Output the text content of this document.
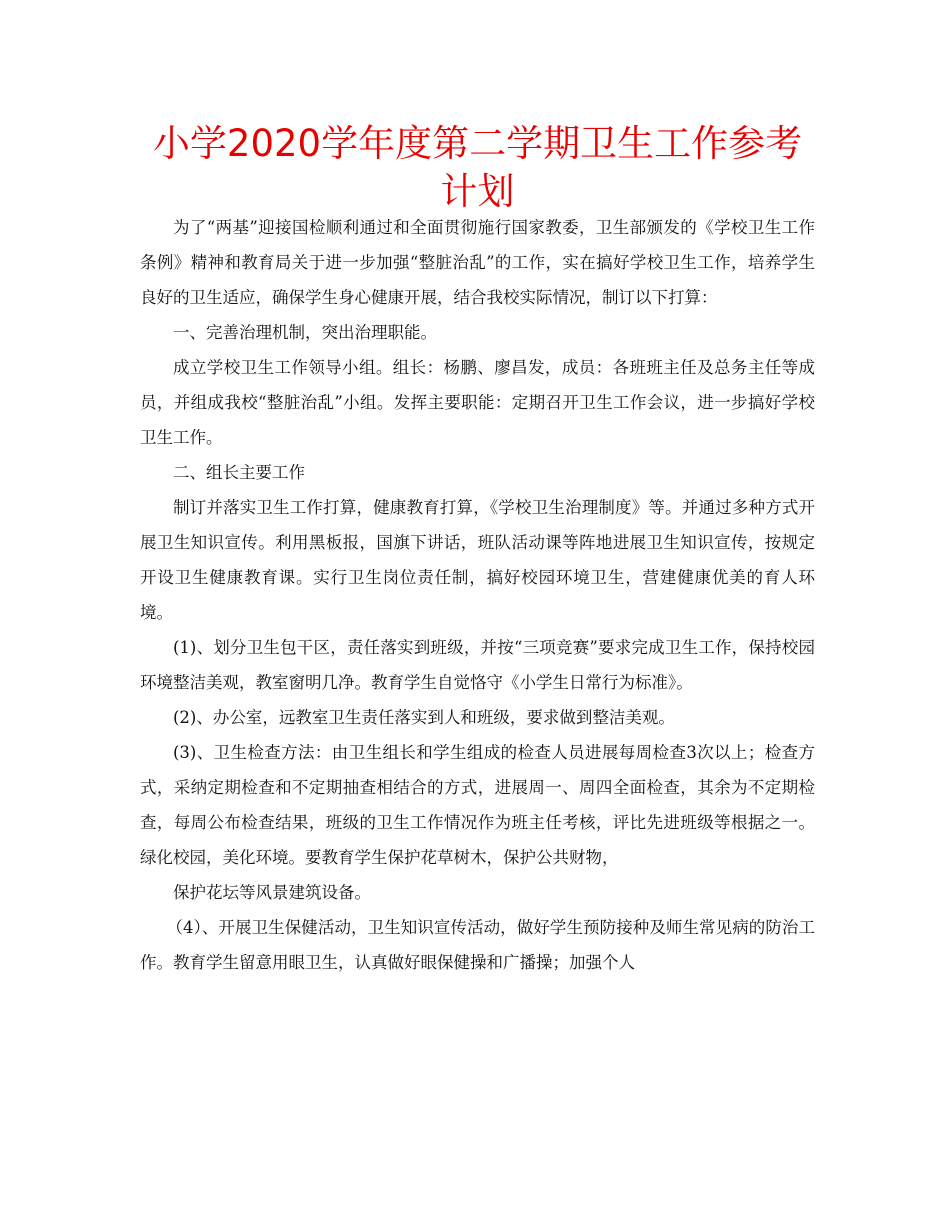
小学2020学年度第二学期卫生工作参考计划

为了“两基”迎接国检顺利通过和全面贯彻施行国家教委，卫生部颁发的《学校卫生工作条例》精神和教育局关于进一步加强“整脏治乱”的工作，实在搞好学校卫生工作，培养学生良好的卫生适应，确保学生身心健康开展，结合我校实际情况，制订以下打算：

一、完善治理机制，突出治理职能。

成立学校卫生工作领导小组。组长：杨鹏、廖昌发，成员：各班班主任及总务主任等成员，并组成我校“整脏治乱”小组。发挥主要职能：定期召开卫生工作会议，进一步搞好学校卫生工作。

二、组长主要工作

制订并落实卫生工作打算，健康教育打算，《学校卫生治理制度》等。并通过多种方式开展卫生知识宣传。利用黑板报，国旗下讲话，班队活动课等阵地进展卫生知识宣传，按规定开设卫生健康教育课。实行卫生岗位责任制，搞好校园环境卫生，营建健康优美的育人环境。

(1)、划分卫生包干区，责任落实到班级，并按“三项竞赛”要求完成卫生工作，保持校园环境整洁美观，教室窗明几净。教育学生自觉恪守《小学生日常行为标准》。

(2)、办公室，远教室卫生责任落实到人和班级，要求做到整洁美观。

(3)、卫生检查方法：由卫生组长和学生组成的检查人员进展每周检查3次以上；检查方式，采纳定期检查和不定期抽查相结合的方式，进展周一、周四全面检查，其余为不定期检查，每周公布检查结果，班级的卫生工作情况作为班主任考核，评比先进班级等根据之一。绿化校园，美化环境。要教育学生保护花草树木，保护公共财物，

保护花坛等风景建筑设备。

（4）、开展卫生保健活动，卫生知识宣传活动，做好学生预防接种及师生常见病的防治工作。教育学生留意用眼卫生，认真做好眼保健操和广播操；加强个人
